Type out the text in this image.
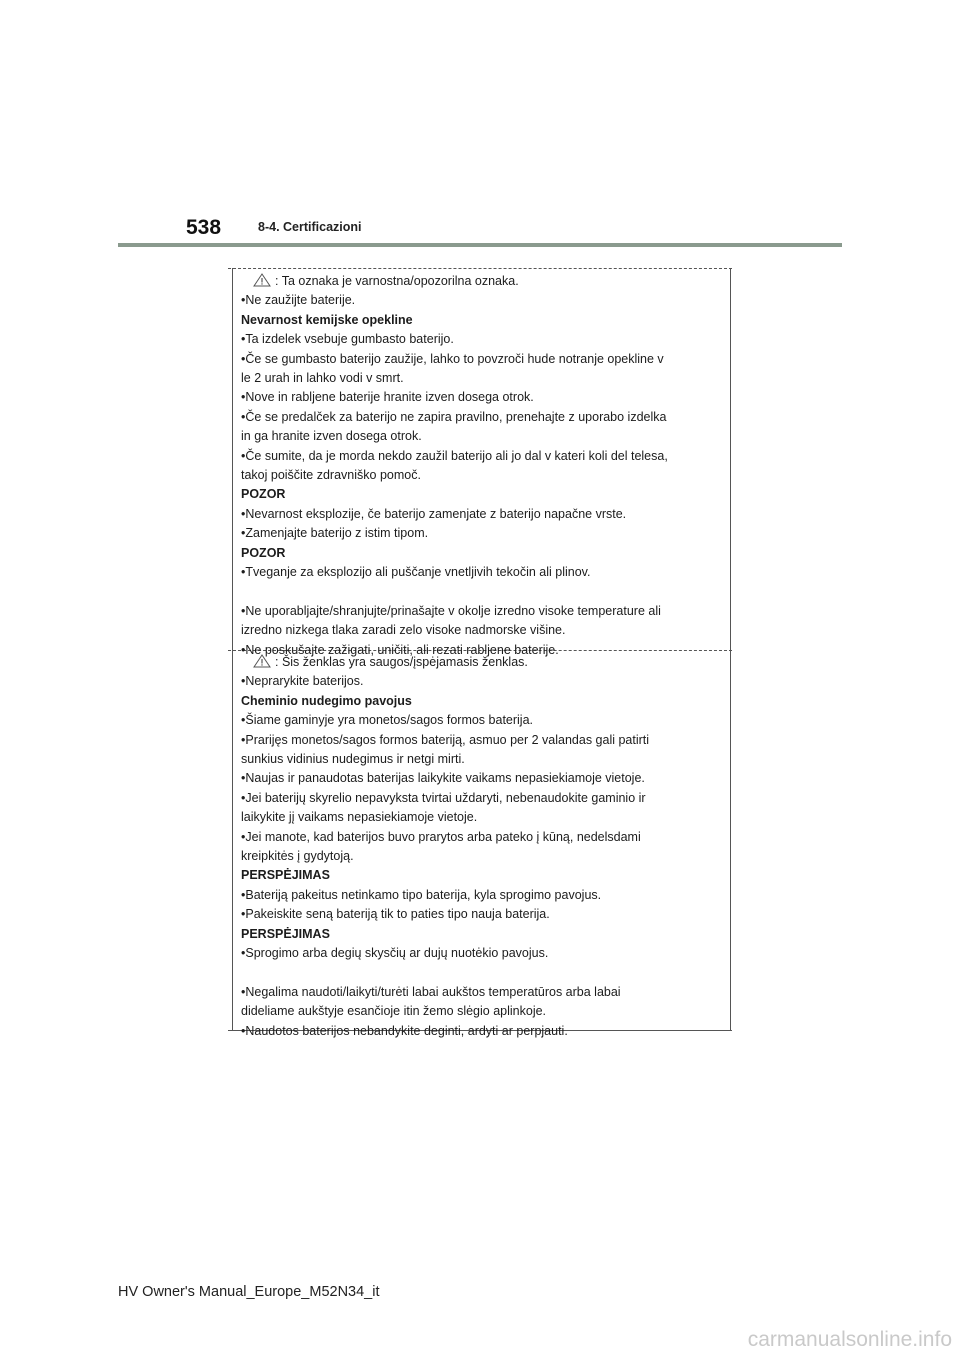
538	8-4. Certificazioni
: Ta oznaka je varnostna/opozorilna oznaka.
•Ne zaužijte baterije.
Nevarnost kemijske opekline
•Ta izdelek vsebuje gumbasto baterijo.
•Če se gumbasto baterijo zaužije, lahko to povzroči hude notranje opekline v
le 2 urah in lahko vodi v smrt.
•Nove in rabljene baterije hranite izven dosega otrok.
•Če se predalček za baterijo ne zapira pravilno, prenehajte z uporabo izdelka
in ga hranite izven dosega otrok.
•Če sumite, da je morda nekdo zaužil baterijo ali jo dal v kateri koli del telesa,
takoj poiščite zdravniško pomoč.
POZOR
•Nevarnost eksplozije, če baterijo zamenjate z baterijo napačne vrste.
•Zamenjajte baterijo z istim tipom.
POZOR
•Tveganje za eksplozijo ali puščanje vnetljivih tekočin ali plinov.
•Ne uporabljajte/shranjujte/prinašajte v okolje izredno visoke temperature ali
izredno nizkega tlaka zaradi zelo visoke nadmorske višine.
•Ne poskušajte zažigati, uničiti, ali rezati rabljene baterije.
: Šis ženklas yra saugos/įspėjamasis ženklas.
•Neprarykite baterijos.
Cheminio nudegimo pavojus
•Šiame gaminyje yra monetos/sagos formos baterija.
•Prarijęs monetos/sagos formos bateriją, asmuo per 2 valandas gali patirti
sunkius vidinius nudegimus ir netgi mirti.
•Naujas ir panaudotas baterijas laikykite vaikams nepasiekiamoje vietoje.
•Jei baterijų skyrelio nepavyksta tvirtai uždaryti, nebenaudokite gaminio ir
laikykite jį vaikams nepasiekiamoje vietoje.
•Jei manote, kad baterijos buvo prarytos arba pateko į kūną, nedelsdami
kreipkitės į gydytoją.
PERSPĖJIMAS
•Bateriją pakeitus netinkamo tipo baterija, kyla sprogimo pavojus.
•Pakeiskite seną bateriją tik to paties tipo nauja baterija.
PERSPĖJIMAS
•Sprogimo arba degių skysčių ar dujų nuotėkio pavojus.
•Negalima naudoti/laikyti/turėti labai aukštos temperatūros arba labai
dideliame aukštyje esančioje itin žemo slėgio aplinkoje.
•Naudotos baterijos nebandykite deginti, ardyti ar perpjauti.
HV Owner's Manual_Europe_M52N34_it
carmanualsonline.info
